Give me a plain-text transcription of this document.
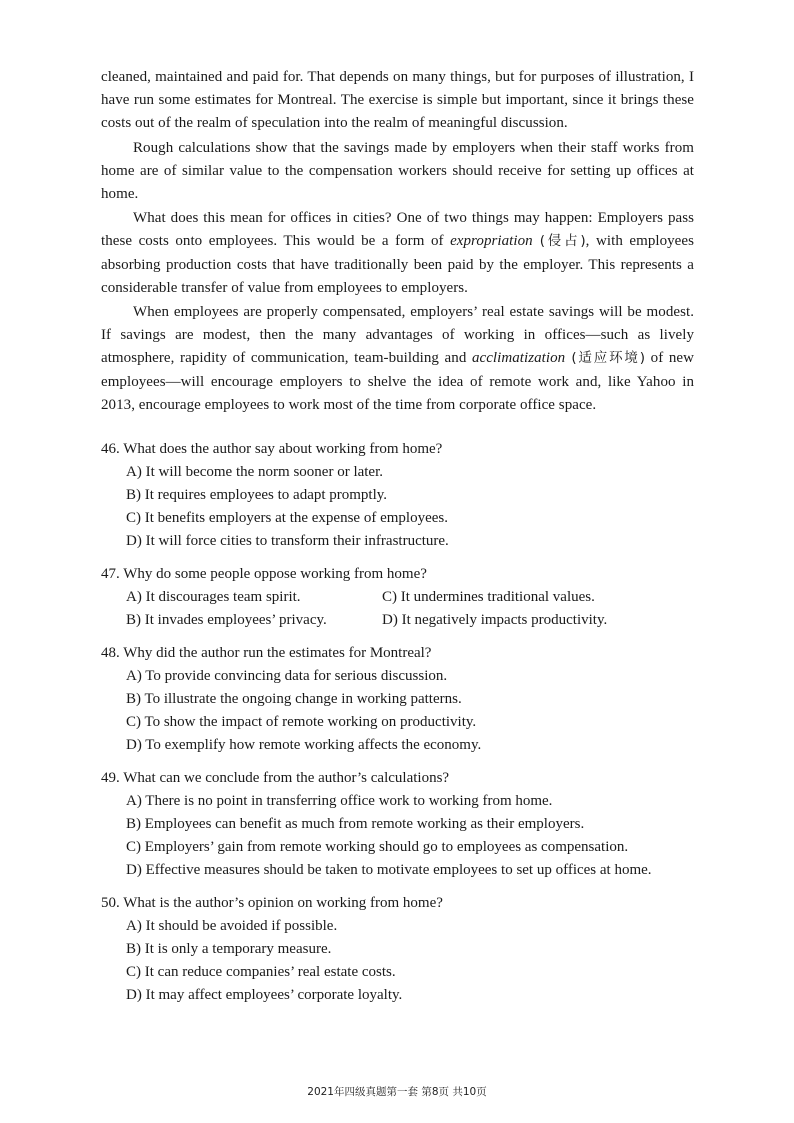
cleaned, maintained and paid for. That depends on many things, but for purposes of illustration, I have run some estimates for Montreal. The exercise is simple but important, since it brings these costs out of the realm of speculation into the realm of meaningful discussion.

Rough calculations show that the savings made by employers when their staff works from home are of similar value to the compensation workers should receive for setting up offices at home.

What does this mean for offices in cities? One of two things may happen: Employers pass these costs onto employees. This would be a form of expropriation (侵占), with employees absorbing production costs that have traditionally been paid by the employer. This represents a considerable transfer of value from employees to employers.

When employees are properly compensated, employers’ real estate savings will be modest. If savings are modest, then the many advantages of working in offices—such as lively atmosphere, rapidity of communication, team-building and acclimatization (适应环境) of new employees—will encourage employers to shelve the idea of remote work and, like Yahoo in 2013, encourage employees to work most of the time from corporate office space.

46. What does the author say about working from home?
A) It will become the norm sooner or later.
B) It requires employees to adapt promptly.
C) It benefits employers at the expense of employees.
D) It will force cities to transform their infrastructure.
47. Why do some people oppose working from home?
A) It discourages team spirit.	C) It undermines traditional values.
B) It invades employees’ privacy.	D) It negatively impacts productivity.
48. Why did the author run the estimates for Montreal?
A) To provide convincing data for serious discussion.
B) To illustrate the ongoing change in working patterns.
C) To show the impact of remote working on productivity.
D) To exemplify how remote working affects the economy.
49. What can we conclude from the author’s calculations?
A) There is no point in transferring office work to working from home.
B) Employees can benefit as much from remote working as their employers.
C) Employers’ gain from remote working should go to employees as compensation.
D) Effective measures should be taken to motivate employees to set up offices at home.
50. What is the author’s opinion on working from home?
A) It should be avoided if possible.
B) It is only a temporary measure.
C) It can reduce companies’ real estate costs.
D) It may affect employees’ corporate loyalty.
2021年四级真题第一套 第8页 共10页
